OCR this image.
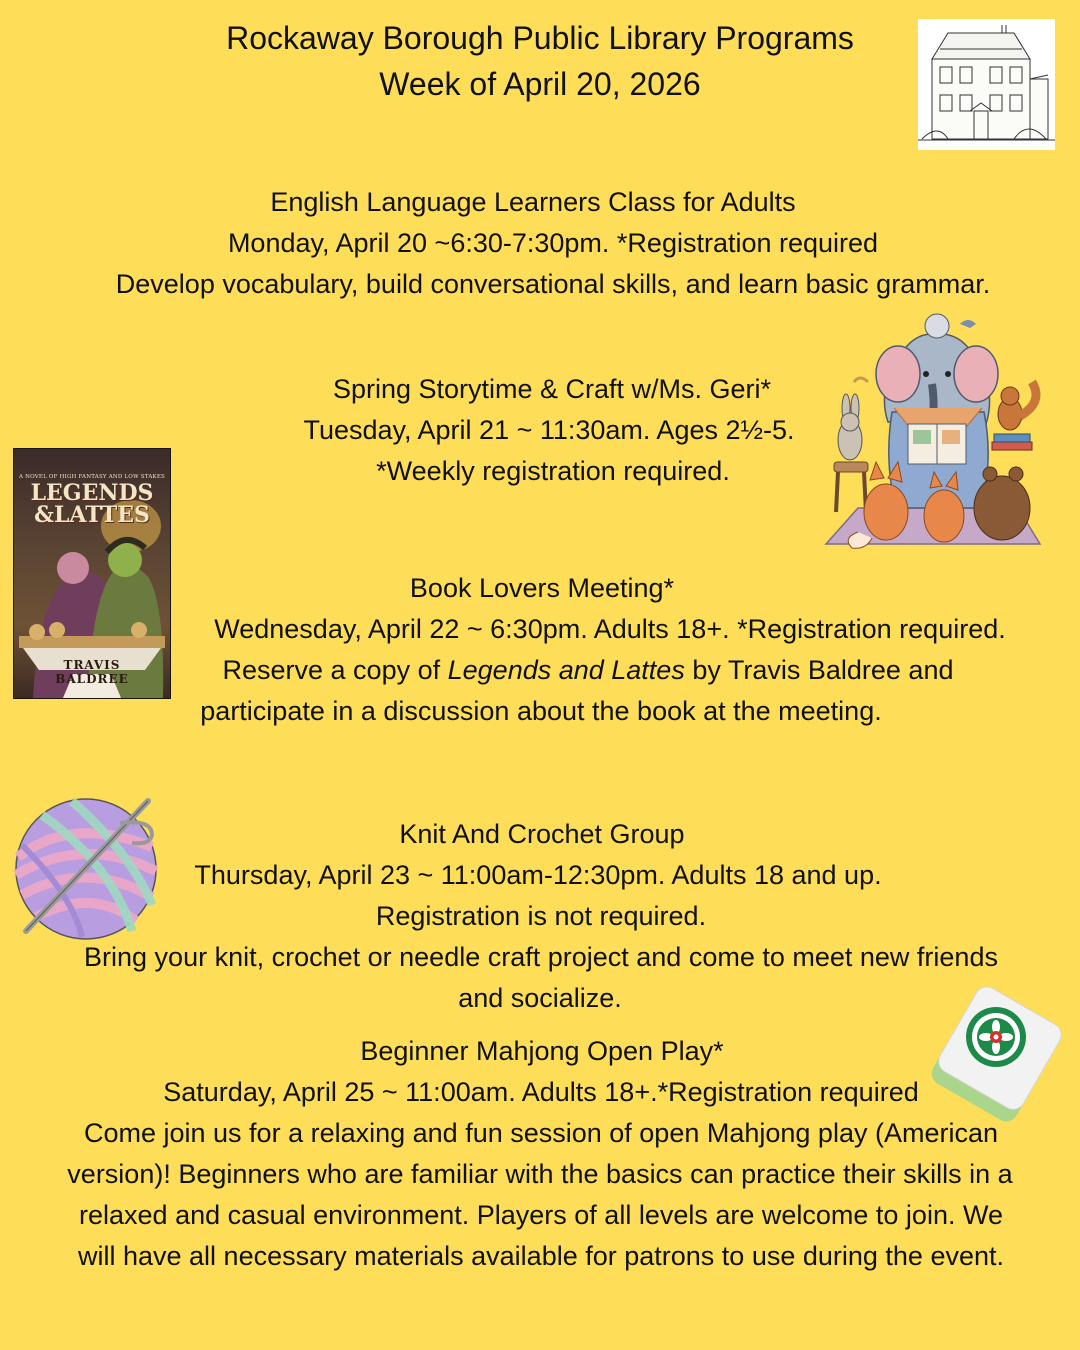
Rockaway Borough Public Library Programs
Week of April 20, 2026
English Language Learners Class for Adults
Monday, April 20 ~6:30-7:30pm. *Registration required
Develop vocabulary, build conversational skills, and learn basic grammar.
Spring Storytime & Craft w/Ms. Geri*
Tuesday, April 21 ~ 11:30am. Ages 2½-5.
*Weekly registration required.
A NOVEL OF HIGH FANTASY AND LOW STAKES
LEGENDS
&LATTES
TRAVIS
BALDREE
Book Lovers Meeting*
Wednesday, April 22 ~ 6:30pm. Adults 18+. *Registration required.
Reserve a copy of Legends and Lattes by Travis Baldree and
participate in a discussion about the book at the meeting.
Knit And Crochet Group
Thursday, April 23 ~ 11:00am-12:30pm. Adults 18 and up.
Registration is not required.
Bring your knit, crochet or needle craft project and come to meet new friends
and socialize.
Beginner Mahjong Open Play*
Saturday, April 25 ~ 11:00am. Adults 18+.*Registration required
Come join us for a relaxing and fun session of open Mahjong play (American
version)! Beginners who are familiar with the basics can practice their skills in a
relaxed and casual environment. Players of all levels are welcome to join. We
will have all necessary materials available for patrons to use during the event.
